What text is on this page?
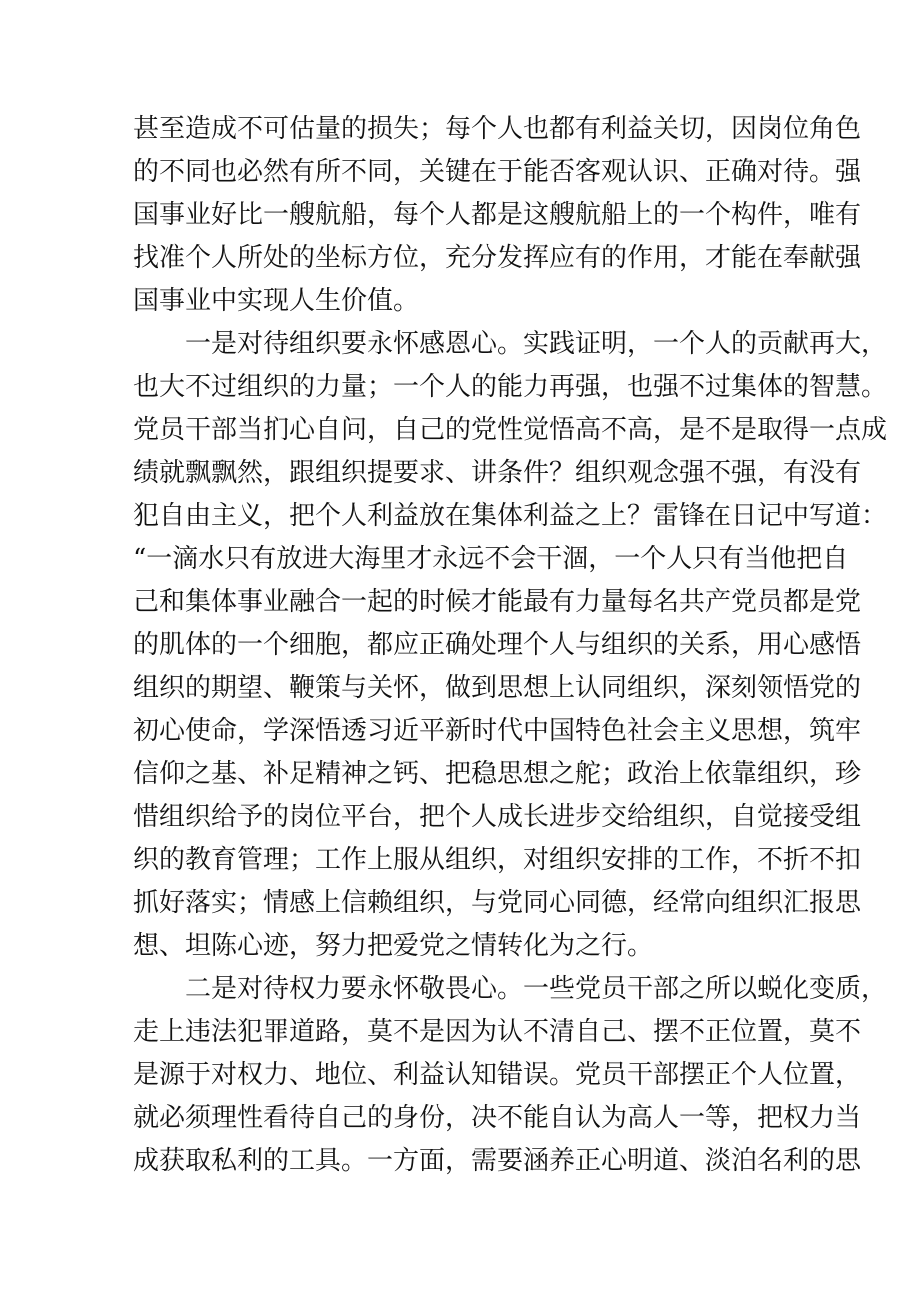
甚至造成不可估量的损失；每个人也都有利益关切，因岗位角色
的不同也必然有所不同，关键在于能否客观认识、正确对待。强
国事业好比一艘航船，每个人都是这艘航船上的一个构件，唯有
找准个人所处的坐标方位，充分发挥应有的作用，才能在奉献强
国事业中实现人生价值。
一是对待组织要永怀感恩心。实践证明，一个人的贡献再大，
也大不过组织的力量；一个人的能力再强，也强不过集体的智慧。
党员干部当扪心自问，自己的党性觉悟高不高，是不是取得一点成
绩就飘飘然，跟组织提要求、讲条件？组织观念强不强，有没有
犯自由主义，把个人利益放在集体利益之上？雷锋在日记中写道：
“一滴水只有放进大海里才永远不会干涸，一个人只有当他把自
己和集体事业融合一起的时候才能最有力量每名共产党员都是党
的肌体的一个细胞，都应正确处理个人与组织的关系，用心感悟
组织的期望、鞭策与关怀，做到思想上认同组织，深刻领悟党的
初心使命，学深悟透习近平新时代中国特色社会主义思想，筑牢
信仰之基、补足精神之钙、把稳思想之舵；政治上依靠组织，珍
惜组织给予的岗位平台，把个人成长进步交给组织，自觉接受组
织的教育管理；工作上服从组织，对组织安排的工作，不折不扣
抓好落实；情感上信赖组织，与党同心同德，经常向组织汇报思
想、坦陈心迹，努力把爱党之情转化为之行。
二是对待权力要永怀敬畏心。一些党员干部之所以蜕化变质，
走上违法犯罪道路，莫不是因为认不清自己、摆不正位置，莫不
是源于对权力、地位、利益认知错误。党员干部摆正个人位置，
就必须理性看待自己的身份，决不能自认为高人一等，把权力当
成获取私利的工具。一方面，需要涵养正心明道、淡泊名利的思
